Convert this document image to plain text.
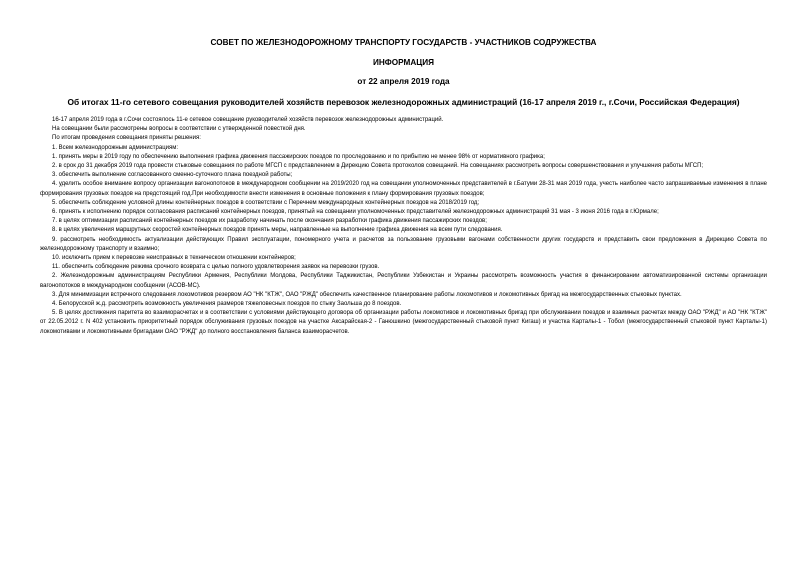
СОВЕТ ПО ЖЕЛЕЗНОДОРОЖНОМУ ТРАНСПОРТУ ГОСУДАРСТВ - УЧАСТНИКОВ СОДРУЖЕСТВА

ИНФОРМАЦИЯ

от 22 апреля 2019 года

Об итогах 11-го сетевого совещания руководителей хозяйств перевозок железнодорожных администраций (16-17 апреля 2019 г., г.Сочи, Российская Федерация)

16-17 апреля 2019 года в г.Сочи состоялось 11-е сетевое совещание руководителей хозяйств перевозок железнодорожных администраций.

На совещании были рассмотрены вопросы в соответствии с утвержденной повесткой дня.

По итогам проведения совещания приняты решения:

1. Всем железнодорожным администрациям:

1. принять меры в 2019 году по обеспечению выполнения графика движения пассажирских поездов по проследованию и по прибытию не менее 98% от нормативного графика;

2. в срок до 31 декабря 2019 года провести стыковые совещания по работе МГСП с представлением в Дирекцию Совета протоколов совещаний. На совещаниях рассмотреть вопросы совершенствования и улучшения работы МГСП;

3. обеспечить выполнение согласованного сменно-суточного плана поездной работы;

4. уделить особое внимание вопросу организации вагонопотоков в международном сообщении на 2019/2020 год на совещании уполномоченных представителей в г.Батуми 28-31 мая 2019 года, учесть наиболее часто запрашиваемые изменения в плане формирования грузовых поездов на предстоящий год.При необходимости внести изменения в основные положения к плану формирования грузовых поездов;

5. обеспечить соблюдение условной длины контейнерных поездов в соответствии с Перечнем международных контейнерных поездов на 2018/2019 год;

6. принять к исполнению порядок согласования расписаний контейнерных поездов, принятый на совещании уполномоченных представителей железнодорожных администраций 31 мая - 3 июня 2016 года в г.Юрмале;

7. в целях оптимизации расписаний контейнерных поездов их разработку начинать после окончания разработки графика движения пассажирских поездов;

8. в целях увеличения маршрутных скоростей контейнерных поездов принять меры, направленные на выполнение графика движения на всем пути следования.

9. рассмотреть необходимость актуализации действующих Правил эксплуатации, пономерного учета и расчетов за пользование грузовыми вагонами собственности других государств и представить свои предложения в Дирекцию Совета по железнодорожному транспорту и взаимно;

10. исключить прием к перевозке неисправных в техническом отношении контейнеров;

11. обеспечить соблюдение режима срочного возврата с целью полного удовлетворения заявок на перевозки грузов.

2. Железнодорожным администрациям Республики Армения, Республики Молдова, Республики Таджикистан, Республики Узбекистан и Украины рассмотреть возможность участия в финансировании автоматизированной системы организации вагонопотоков в международном сообщении (АСОВ-МС).

3. Для минимизации встречного следования локомотивов резервом АО "НК "КТЖ", ОАО "РЖД" обеспечить качественное планирование работы локомотивов и локомотивных бригад на межгосударственных стыковых пунктах.

4. Белорусской ж.д. рассмотреть возможность увеличения размеров тяжеловесных поездов по стыку Заольша до 8 поездов.

5. В целях достижения паритета во взаиморасчетах и в соответствии с условиями действующего договора об организации работы локомотивов и локомотивных бригад при обслуживании поездов и взаимных расчетах между ОАО "РЖД" и АО "НК "КТЖ" от 22.05.2012 г. N 402 установить приоритетный порядок обслуживания грузовых поездов на участке Аксарайская-2 - Ганюшкино (межгосударственный стыковой пункт Кигаш) и участка Карталы-1 - Тобол (межгосударственный стыковой пункт Карталы-1) локомотивами и локомотивными бригадами ОАО "РЖД" до полного восстановления баланса взаиморасчетов.
